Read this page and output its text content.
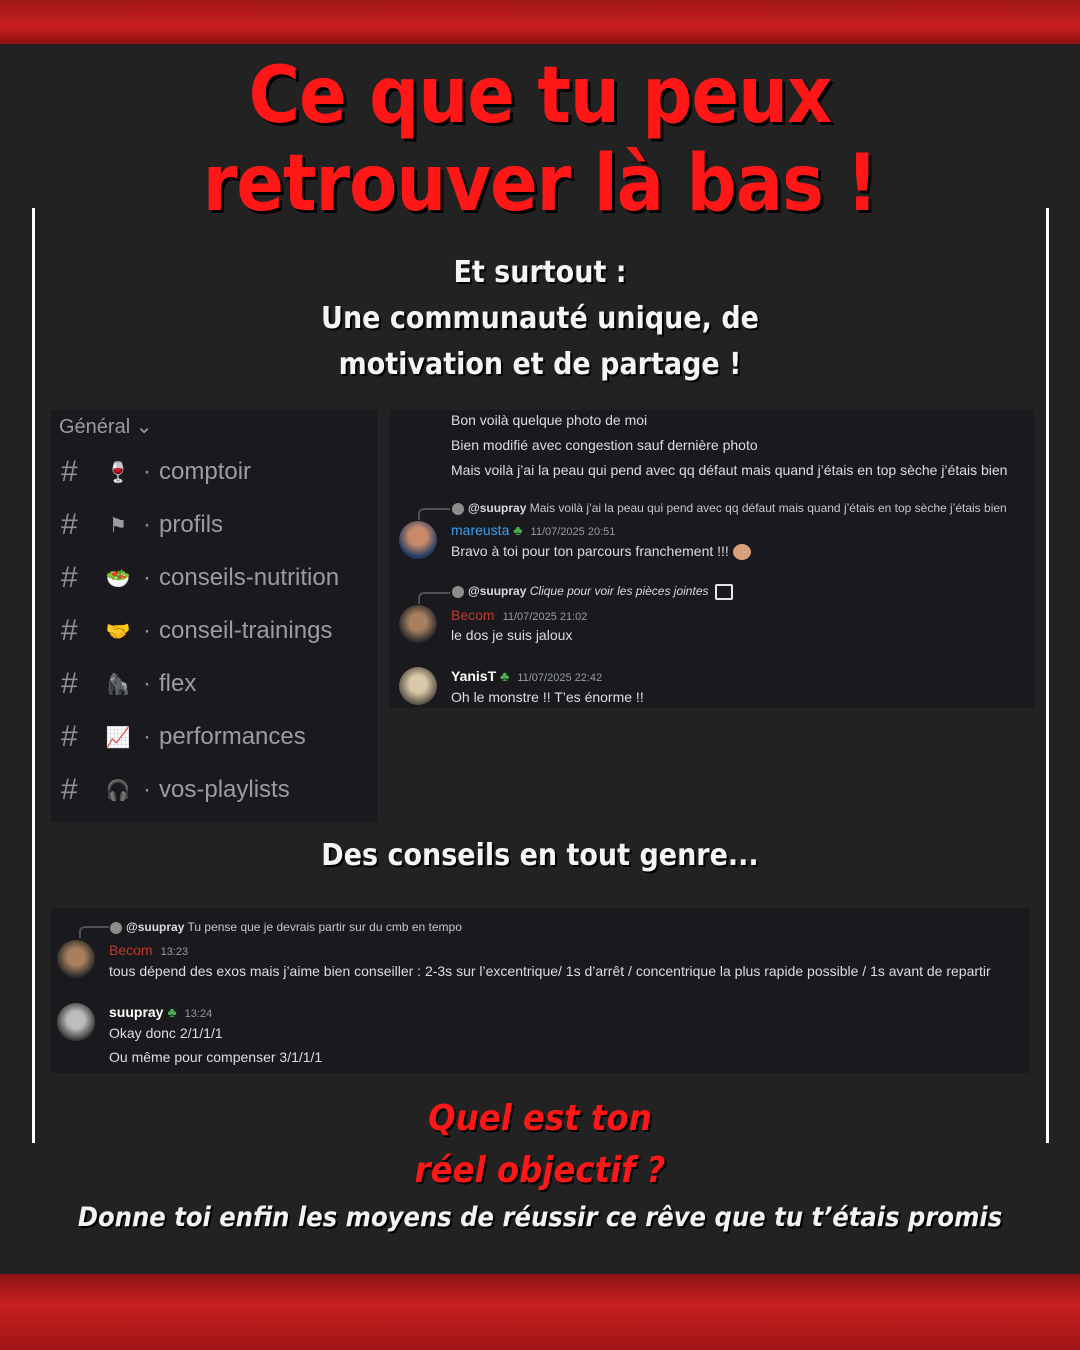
Ce que tu peux
retrouver là bas !
Et surtout :
Une communauté unique, de
motivation et de partage !
Général ⌄
#	🍷 · comptoir
#	⚑ · profils
#	🥗 · conseils-nutrition
#	🤝 · conseil-trainings
#	🦍 · flex
#	📈 · performances
#	🎧 · vos-playlists
Bon voilà quelque photo de moi
Bien modifié avec congestion sauf dernière photo
Mais voilà j’ai la peau qui pend avec qq défaut mais quand j’étais en top sèche j’étais bien
@suupray Mais voilà j’ai la peau qui pend avec qq défaut mais quand j’étais en top sèche j’étais bien
mareusta ♣ 11/07/2025 20:51
Bravo à toi pour ton parcours franchement !!!
@suupray Clique pour voir les pièces jointes
Becom 11/07/2025 21:02
le dos je suis jaloux
YanisT ♣ 11/07/2025 22:42
Oh le monstre !! T’es énorme !!
Des conseils en tout genre...
@suupray Tu pense que je devrais partir sur du cmb en tempo
Becom 13:23
tous dépend des exos mais j’aime bien conseiller : 2-3s sur l’excentrique/ 1s d’arrêt / concentrique la plus rapide possible / 1s avant de repartir
suupray ♣ 13:24
Okay donc 2/1/1/1
Ou même pour compenser 3/1/1/1
Quel est ton
réel objectif ?
Donne toi enfin les moyens de réussir ce rêve que tu t’étais promis
